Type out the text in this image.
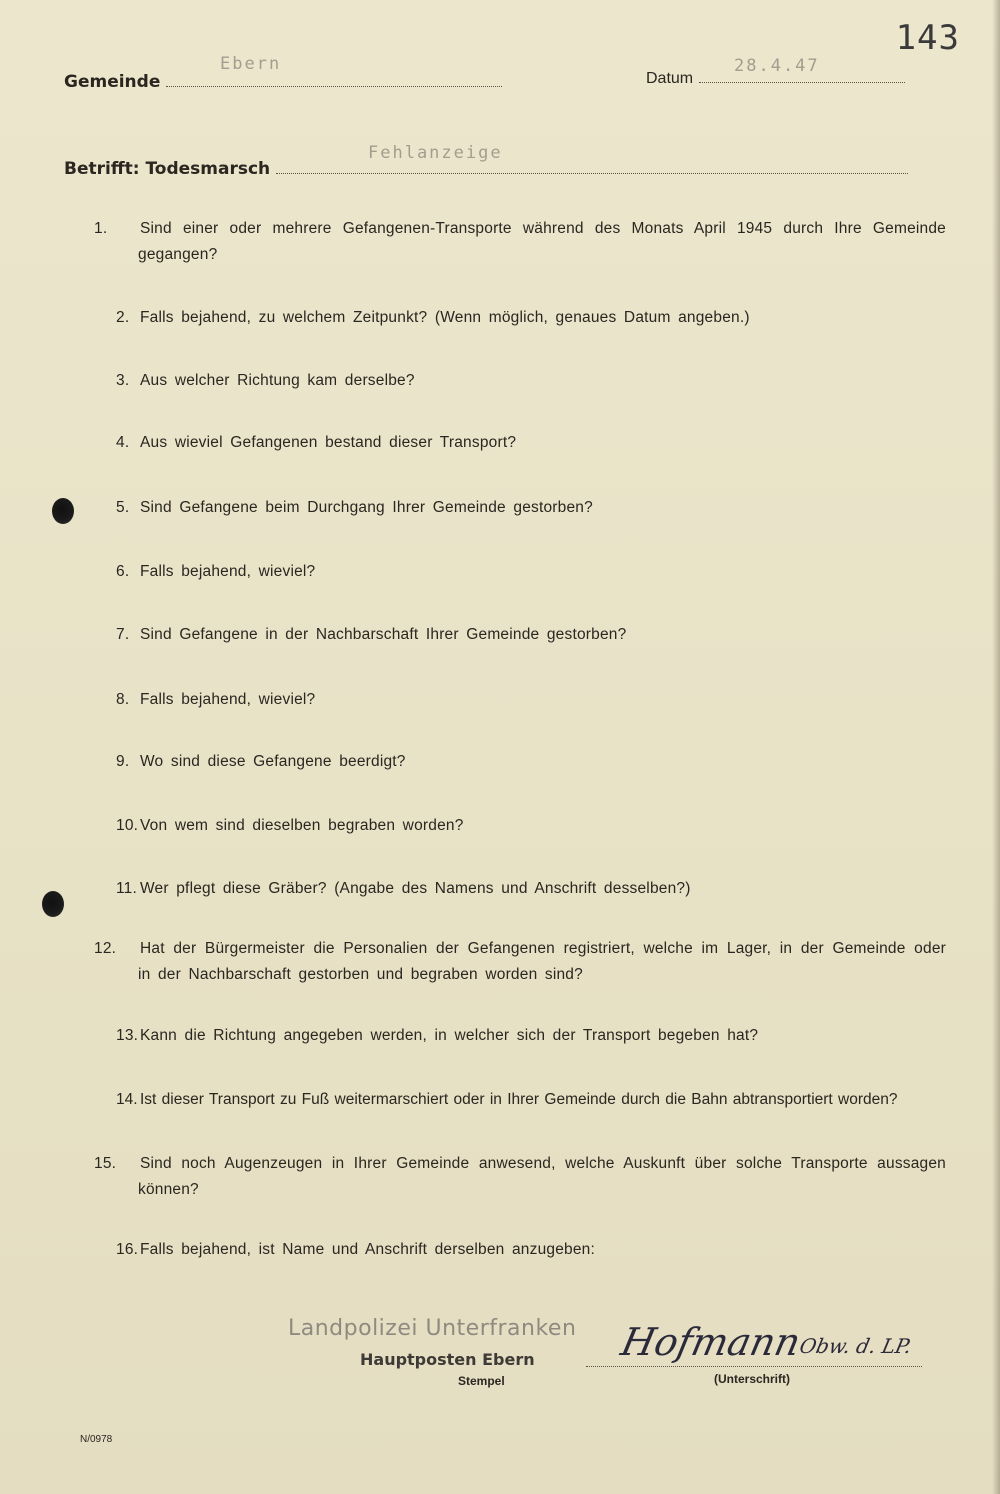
143
Gemeinde
Ebern
Datum
28.4.47
Betrifft: Todesmarsch
Fehlanzeige
1. Sind einer oder mehrere Gefangenen-Transporte während des Monats April 1945 durch Ihre Gemeinde gegangen?
2. Falls bejahend, zu welchem Zeitpunkt? (Wenn möglich, genaues Datum angeben.)
3. Aus welcher Richtung kam derselbe?
4. Aus wieviel Gefangenen bestand dieser Transport?
5. Sind Gefangene beim Durchgang Ihrer Gemeinde gestorben?
6. Falls bejahend, wieviel?
7. Sind Gefangene in der Nachbarschaft Ihrer Gemeinde gestorben?
8. Falls bejahend, wieviel?
9. Wo sind diese Gefangene beerdigt?
10. Von wem sind dieselben begraben worden?
11. Wer pflegt diese Gräber? (Angabe des Namens und Anschrift desselben?)
12. Hat der Bürgermeister die Personalien der Gefangenen registriert, welche im Lager, in der Gemeinde oder in der Nachbarschaft gestorben und begraben worden sind?
13. Kann die Richtung angegeben werden, in welcher sich der Transport begeben hat?
14. Ist dieser Transport zu Fuß weitermarschiert oder in Ihrer Gemeinde durch die Bahn abtransportiert worden?
15. Sind noch Augenzeugen in Ihrer Gemeinde anwesend, welche Auskunft über solche Transporte aussagen können?
16. Falls bejahend, ist Name und Anschrift derselben anzugeben:
Landpolizei Unterfranken
Hauptposten Ebern
Stempel
Hofmann
Obw. d. LP.
(Unterschrift)
N/0978
